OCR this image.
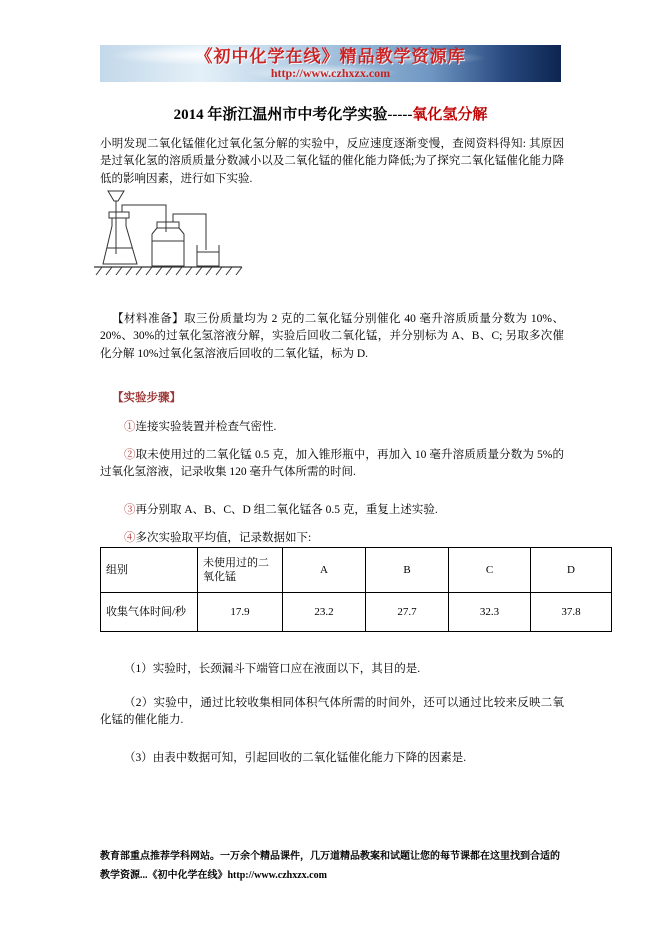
《初中化学在线》精品教学资源库
http://www.czhxzx.com
2014 年浙江温州市中考化学实验-----氧化氢分解

小明发现二氧化锰催化过氧化氢分解的实验中，反应速度逐渐变慢，查阅资料得知: 其原因是过氧化氢的溶质质量分数减小以及二氧化锰的催化能力降低;为了探究二氧化锰催化能力降低的影响因素，进行如下实验.

【材料准备】取三份质量均为 2 克的二氧化锰分别催化 40 毫升溶质质量分数为 10%、20%、30%的过氧化氢溶液分解，实验后回收二氧化锰，并分别标为 A、B、C; 另取多次催化分解 10%过氧化氢溶液后回收的二氧化锰，标为 D.

【实验步骤】

①连接实验装置并检查气密性.

②取未使用过的二氧化锰 0.5 克，加入锥形瓶中，再加入 10 毫升溶质质量分数为 5%的过氧化氢溶液，记录收集 120 毫升气体所需的时间.

③再分别取 A、B、C、D 组二氧化锰各 0.5 克，重复上述实验.

④多次实验取平均值，记录数据如下:

组别	未使用过的二氧化锰	A	B	C	D
收集气体时间/秒	17.9	23.2	27.7	32.3	37.8

（1）实验时，长颈漏斗下端管口应在液面以下，其目的是.

（2）实验中，通过比较收集相同体积气体所需的时间外，还可以通过比较来反映二氧化锰的催化能力.

（3）由表中数据可知，引起回收的二氧化锰催化能力下降的因素是.

教育部重点推荐学科网站。一万余个精品课件，几万道精品教案和试题让您的每节课都在这里找到合适的
教学资源...《初中化学在线》http://www.czhxzx.com
